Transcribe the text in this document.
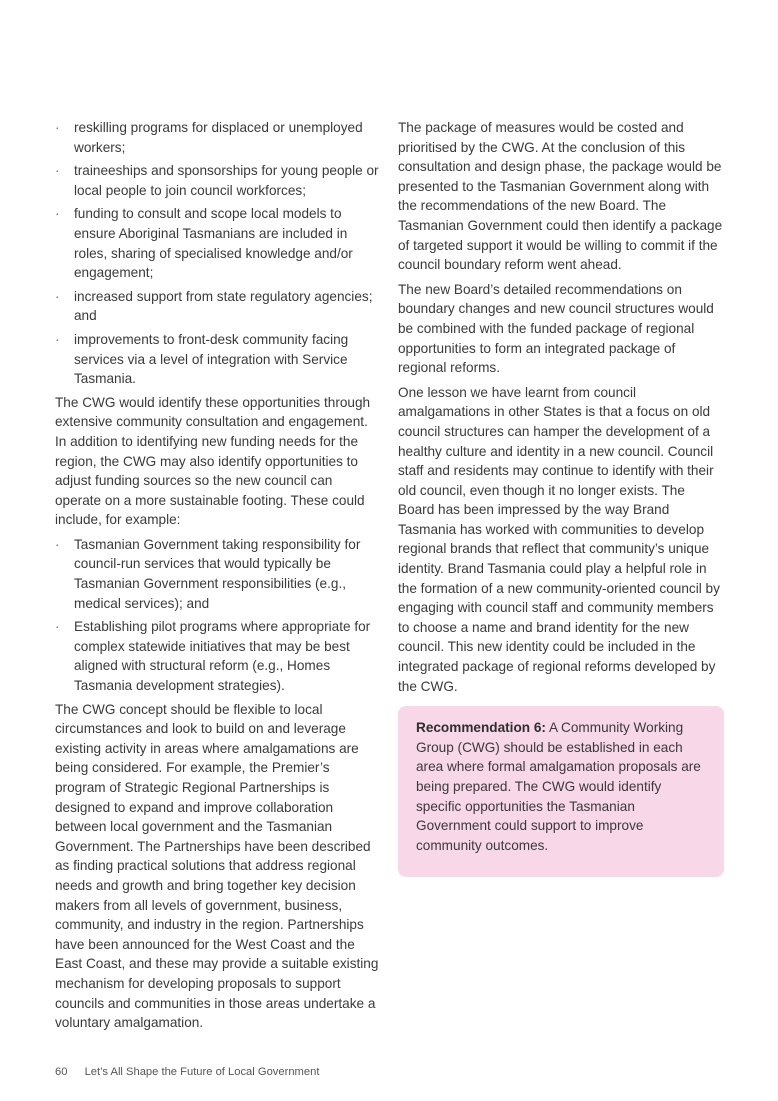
· reskilling programs for displaced or unemployed workers;
· traineeships and sponsorships for young people or local people to join council workforces;
· funding to consult and scope local models to ensure Aboriginal Tasmanians are included in roles, sharing of specialised knowledge and/or engagement;
· increased support from state regulatory agencies; and
· improvements to front-desk community facing services via a level of integration with Service Tasmania.

The CWG would identify these opportunities through extensive community consultation and engagement. In addition to identifying new funding needs for the region, the CWG may also identify opportunities to adjust funding sources so the new council can operate on a more sustainable footing. These could include, for example:

· Tasmanian Government taking responsibility for council-run services that would typically be Tasmanian Government responsibilities (e.g., medical services); and
· Establishing pilot programs where appropriate for complex statewide initiatives that may be best aligned with structural reform (e.g., Homes Tasmania development strategies).

The CWG concept should be flexible to local circumstances and look to build on and leverage existing activity in areas where amalgamations are being considered. For example, the Premier’s program of Strategic Regional Partnerships is designed to expand and improve collaboration between local government and the Tasmanian Government. The Partnerships have been described as finding practical solutions that address regional needs and growth and bring together key decision makers from all levels of government, business, community, and industry in the region. Partnerships have been announced for the West Coast and the East Coast, and these may provide a suitable existing mechanism for developing proposals to support councils and communities in those areas undertake a voluntary amalgamation.

The package of measures would be costed and prioritised by the CWG. At the conclusion of this consultation and design phase, the package would be presented to the Tasmanian Government along with the recommendations of the new Board. The Tasmanian Government could then identify a package of targeted support it would be willing to commit if the council boundary reform went ahead.

The new Board’s detailed recommendations on boundary changes and new council structures would be combined with the funded package of regional opportunities to form an integrated package of regional reforms.

One lesson we have learnt from council amalgamations in other States is that a focus on old council structures can hamper the development of a healthy culture and identity in a new council. Council staff and residents may continue to identify with their old council, even though it no longer exists. The Board has been impressed by the way Brand Tasmania has worked with communities to develop regional brands that reflect that community’s unique identity. Brand Tasmania could play a helpful role in the formation of a new community-oriented council by engaging with council staff and community members to choose a name and brand identity for the new council. This new identity could be included in the integrated package of regional reforms developed by the CWG.

Recommendation 6: A Community Working Group (CWG) should be established in each area where formal amalgamation proposals are being prepared. The CWG would identify specific opportunities the Tasmanian Government could support to improve community outcomes.
60 Let’s All Shape the Future of Local Government
